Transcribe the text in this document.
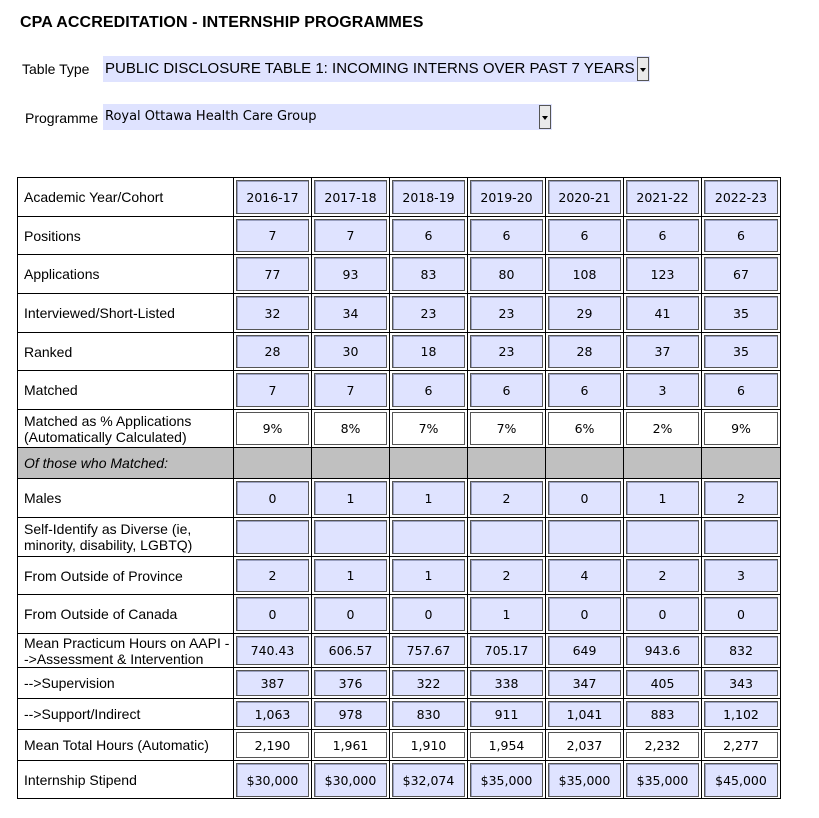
CPA ACCREDITATION - INTERNSHIP PROGRAMMES
Table Type PUBLIC DISCLOSURE TABLE 1: INCOMING INTERNS OVER PAST 7 YEARS
Programme Royal Ottawa Health Care Group
Academic Year/Cohort	2016-17	2017-18	2018-19	2019-20	2020-21	2021-22	2022-23
Positions	7	7	6	6	6	6	6
Applications	77	93	83	80	108	123	67
Interviewed/Short-Listed	32	34	23	23	29	41	35
Ranked	28	30	18	23	28	37	35
Matched	7	7	6	6	6	3	6
Matched as % Applications (Automatically Calculated)	9%	8%	7%	7%	6%	2%	9%
Of those who Matched:
Males	0	1	1	2	0	1	2
Self-Identify as Diverse (ie, minority, disability, LGBTQ)
From Outside of Province	2	1	1	2	4	2	3
From Outside of Canada	0	0	0	1	0	0	0
Mean Practicum Hours on AAPI -->Assessment & Intervention	740.43	606.57	757.67	705.17	649	943.6	832
-->Supervision	387	376	322	338	347	405	343
-->Support/Indirect	1,063	978	830	911	1,041	883	1,102
Mean Total Hours (Automatic)	2,190	1,961	1,910	1,954	2,037	2,232	2,277
Internship Stipend	$30,000	$30,000	$32,074	$35,000	$35,000	$35,000	$45,000
